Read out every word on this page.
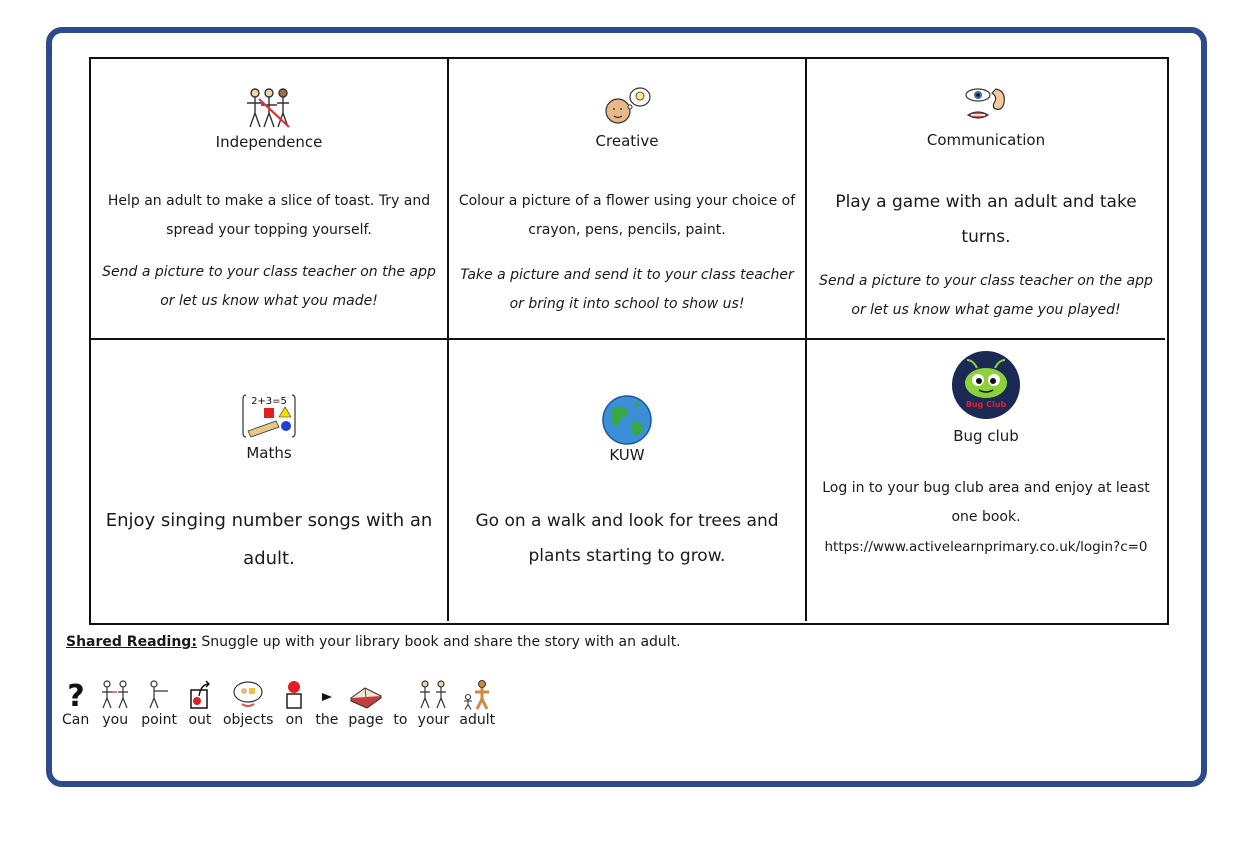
Independence
Help an adult to make a slice of toast. Try and spread your topping yourself.
Send a picture to your class teacher on the app or let us know what you made!
Creative
Colour a picture of a flower using your choice of crayon, pens, pencils, paint.
Take a picture and send it to your class teacher or bring it into school to show us!
Communication
Play a game with an adult and take turns.
Send a picture to your class teacher on the app or let us know what game you played!
2+3=5
Maths
Enjoy singing number songs with an adult.
KUW
Go on a walk and look for trees and plants starting to grow.
Bug Club
Bug club
Log in to your bug club area and enjoy at least one book.
https://www.activelearnprimary.co.uk/login?c=0
Shared Reading: Snuggle up with your library book and share the story with an adult.
?
Can you point out objects on the page to your adult
